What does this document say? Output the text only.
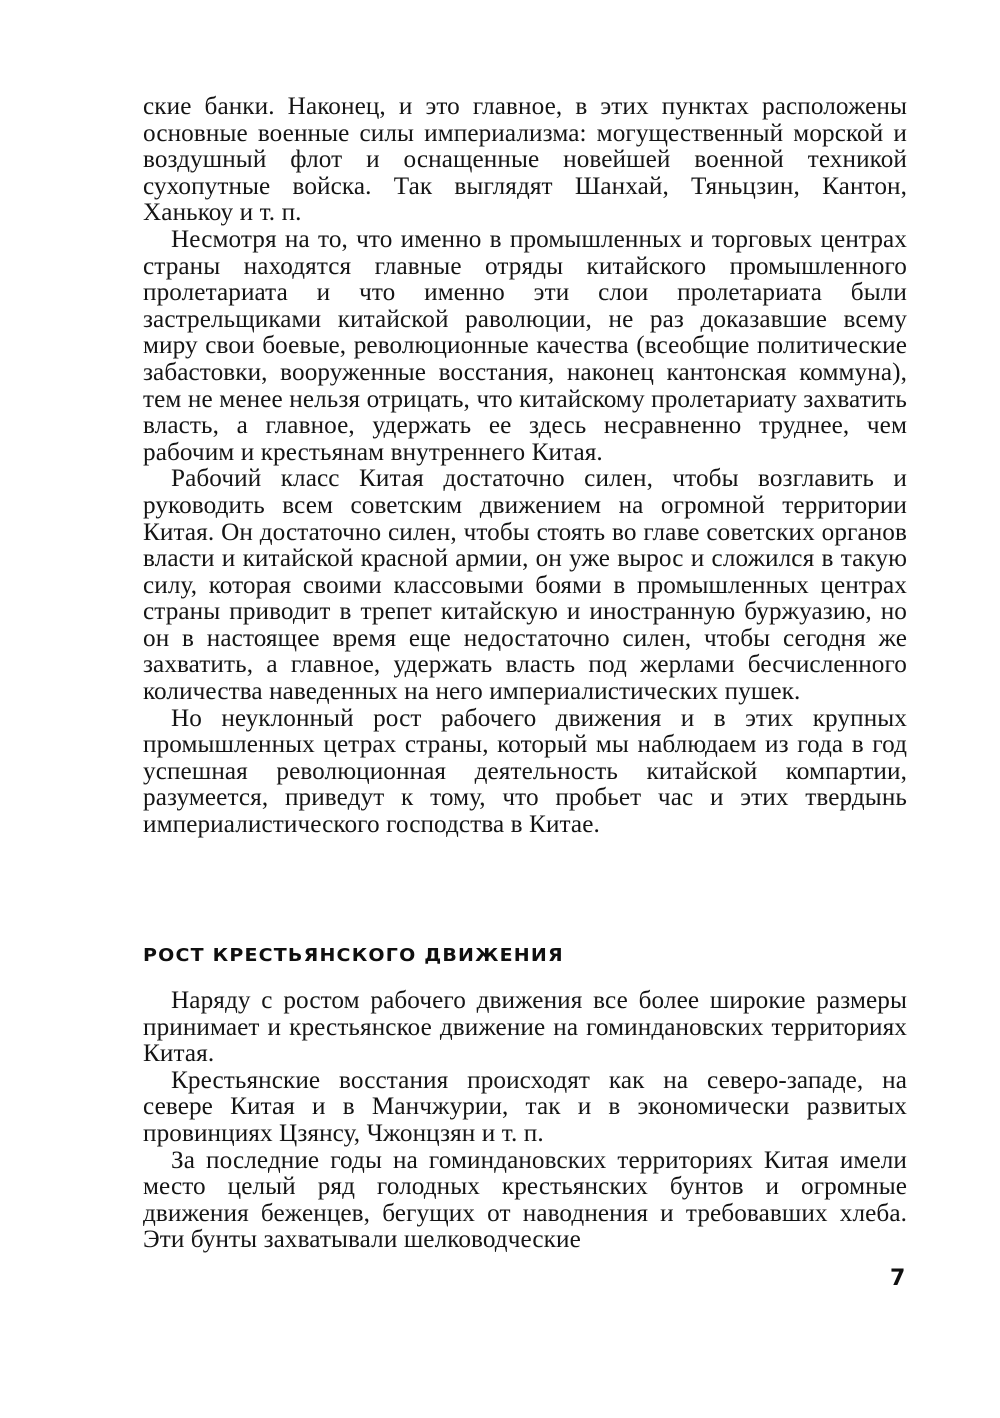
ские банки. Наконец, и это главное, в этих пунктах расположены основные военные силы империализма: могущественный морской и воздушный флот и оснащенные новейшей военной техникой сухопутные войска. Так выглядят Шанхай, Тяньцзин, Кантон, Ханькоу и т. п.

Несмотря на то, что именно в промышленных и торговых центрах страны находятся главные отряды китайского промышленного пролетариата и что именно эти слои пролетариата были застрельщиками китайской раволюции, не раз доказавшие всему миру свои боевые, революционные качества (всеобщие политические забастовки, вооруженные восстания, наконец кантонская коммуна), тем не менее нельзя отрицать, что китайскому пролетариату захватить власть, а главное, удержать ее здесь несравненно труднее, чем рабочим и крестьянам внутреннего Китая.

Рабочий класс Китая достаточно силен, чтобы возглавить и руководить всем советским движением на огромной территории Китая. Он достаточно силен, чтобы стоять во главе советских органов власти и китайской красной армии, он уже вырос и сложился в такую силу, которая своими классовыми боями в промышленных центрах страны приводит в трепет китайскую и иностранную буржуазию, но он в настоящее время еще недостаточно силен, чтобы сегодня же захватить, а главное, удержать власть под жерлами бесчисленного количества наведенных на него империалистических пушек.

Но неуклонный рост рабочего движения и в этих крупных промышленных цетрах страны, который мы наблюдаем из года в год успешная революционная деятельность китайской компартии, разумеется, приведут к тому, что пробьет час и этих твердынь империалистического господства в Китае.

РОСТ КРЕСТЬЯНСКОГО ДВИЖЕНИЯ

Наряду с ростом рабочего движения все более широкие размеры принимает и крестьянское движение на гоминдановских территориях Китая.

Крестьянские восстания происходят как на северо-западе, на севере Китая и в Манчжурии, так и в экономически развитых провинциях Цзянсу, Чжонцзян и т. п.

За последние годы на гоминдановских территориях Китая имели место целый ряд голодных крестьянских бунтов и огромные движения беженцев, бегущих от наводнения и требовавших хлеба. Эти бунты захватывали шелководческие

7
